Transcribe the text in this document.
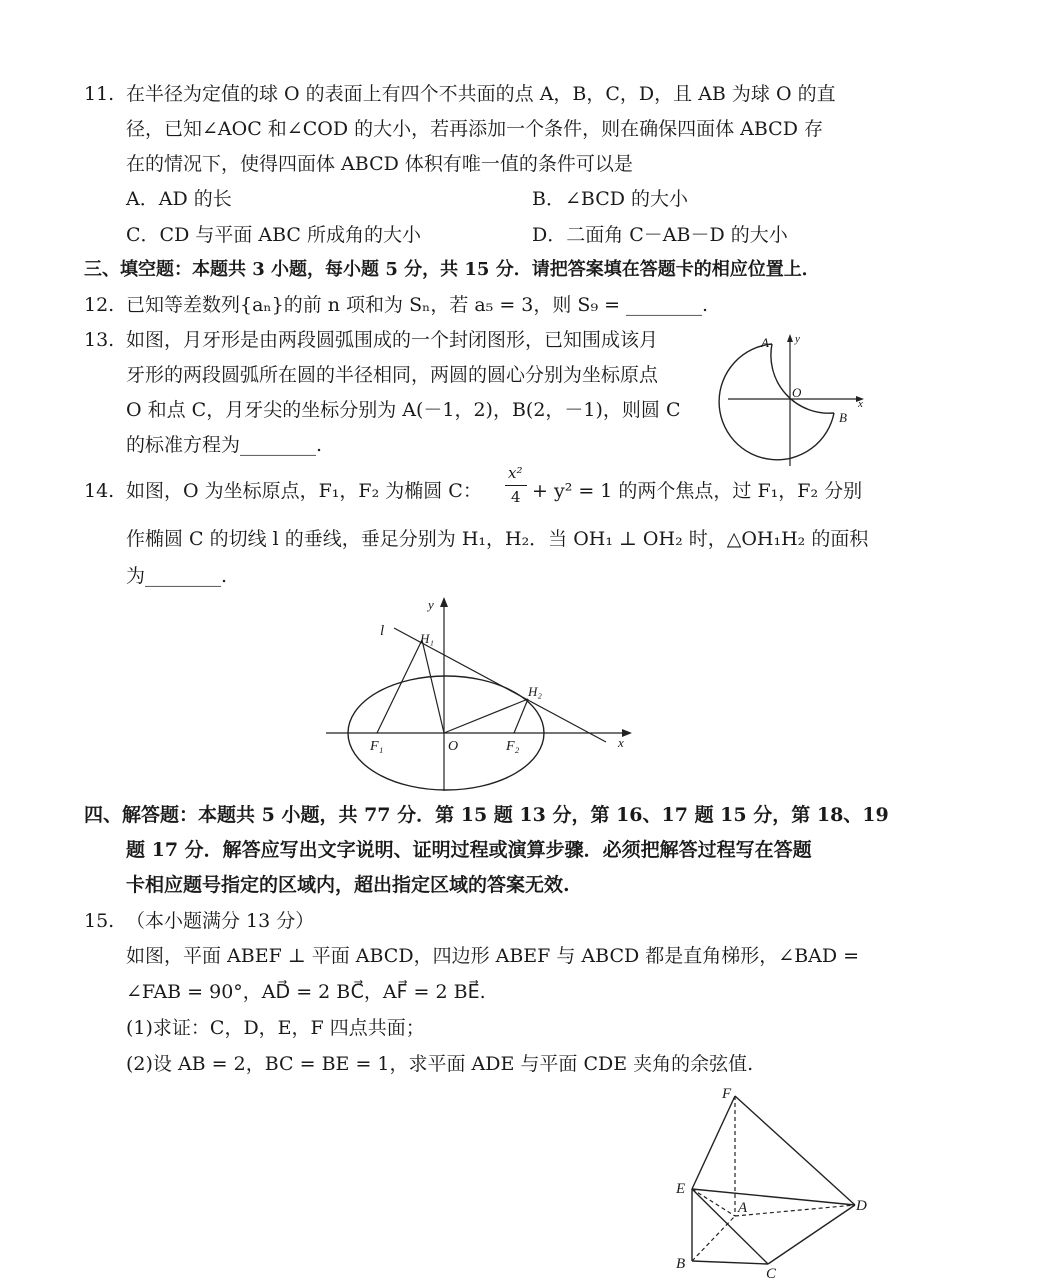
11. 在半径为定值的球 O 的表面上有四个不共面的点 A，B，C，D，且 AB 为球 O 的直
径，已知∠AOC 和∠COD 的大小，若再添加一个条件，则在确保四面体 ABCD 存
在的情况下，使得四面体 ABCD 体积有唯一值的条件可以是
A．AD 的长	B．∠BCD 的大小
C．CD 与平面 ABC 所成角的大小	D．二面角 C－AB－D 的大小
三、填空题：本题共 3 小题，每小题 5 分，共 15 分．请把答案填在答题卡的相应位置上．
12. 已知等差数列{aₙ}的前 n 项和为 Sₙ，若 a₅ = 3，则 S₉ = ________.
13. 如图，月牙形是由两段圆弧围成的一个封闭图形，已知围成该月
牙形的两段圆弧所在圆的半径相同，两圆的圆心分别为坐标原点
O 和点 C，月牙尖的坐标分别为 A(－1，2)，B(2，－1)，则圆 C
的标准方程为________.
A
B
O
x
y
14. 如图，O 为坐标原点，F₁，F₂ 为椭圆 C：
x²
4 + y² = 1 的两个焦点，过 F₁，F₂ 分别
作椭圆 C 的切线 l 的垂线，垂足分别为 H₁，H₂．当 OH₁ ⊥ OH₂ 时，△OH₁H₂ 的面积
为________.
l	H₁
H₂
F₁	F₂
O	x
y
四、解答题：本题共 5 小题，共 77 分．第 15 题 13 分，第 16、17 题 15 分，第 18、19
题 17 分．解答应写出文字说明、证明过程或演算步骤．必须把解答过程写在答题
卡相应题号指定的区域内，超出指定区域的答案无效.
15. （本小题满分 13 分）
如图，平面 ABEF ⊥ 平面 ABCD，四边形 ABEF 与 ABCD 都是直角梯形，∠BAD =
∠FAB = 90°，AD⃗ = 2 BC⃗，AF⃗ = 2 BE⃗.
(1)求证：C，D，E，F 四点共面；
(2)设 AB = 2，BC = BE = 1，求平面 ADE 与平面 CDE 夹角的余弦值.
F
E
A	D
B
C
